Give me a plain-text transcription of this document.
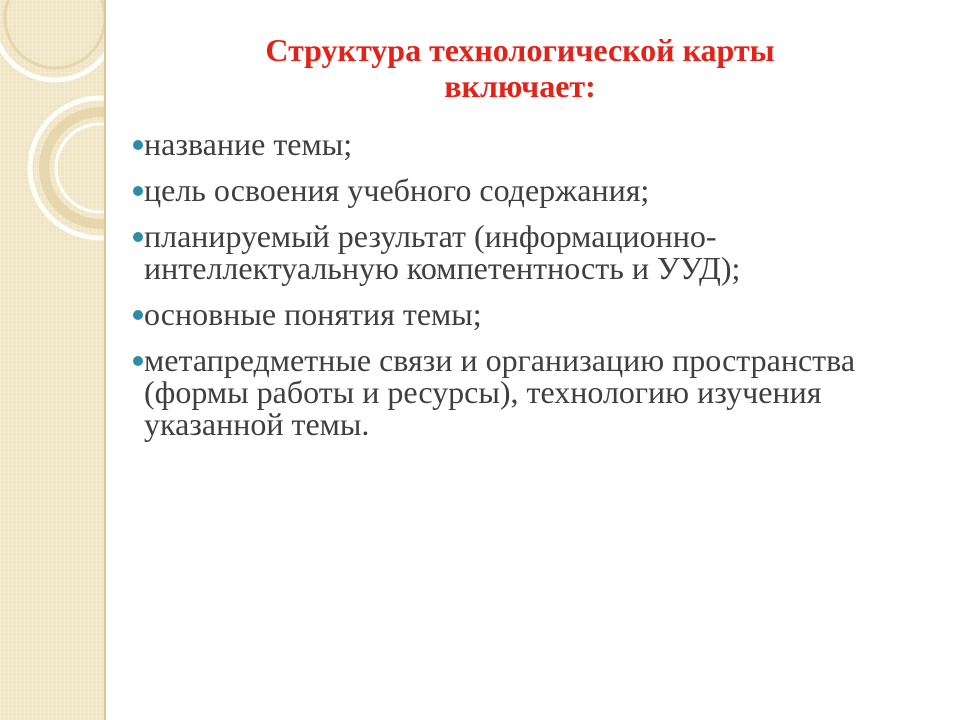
Структура технологической карты
включает:
название темы;
цель освоения учебного содержания;
планируемый результат (информационно-интеллектуальную компетентность и УУД);
основные понятия темы;
метапредметные связи и организацию пространства (формы работы и ресурсы), технологию изучения указанной темы.
